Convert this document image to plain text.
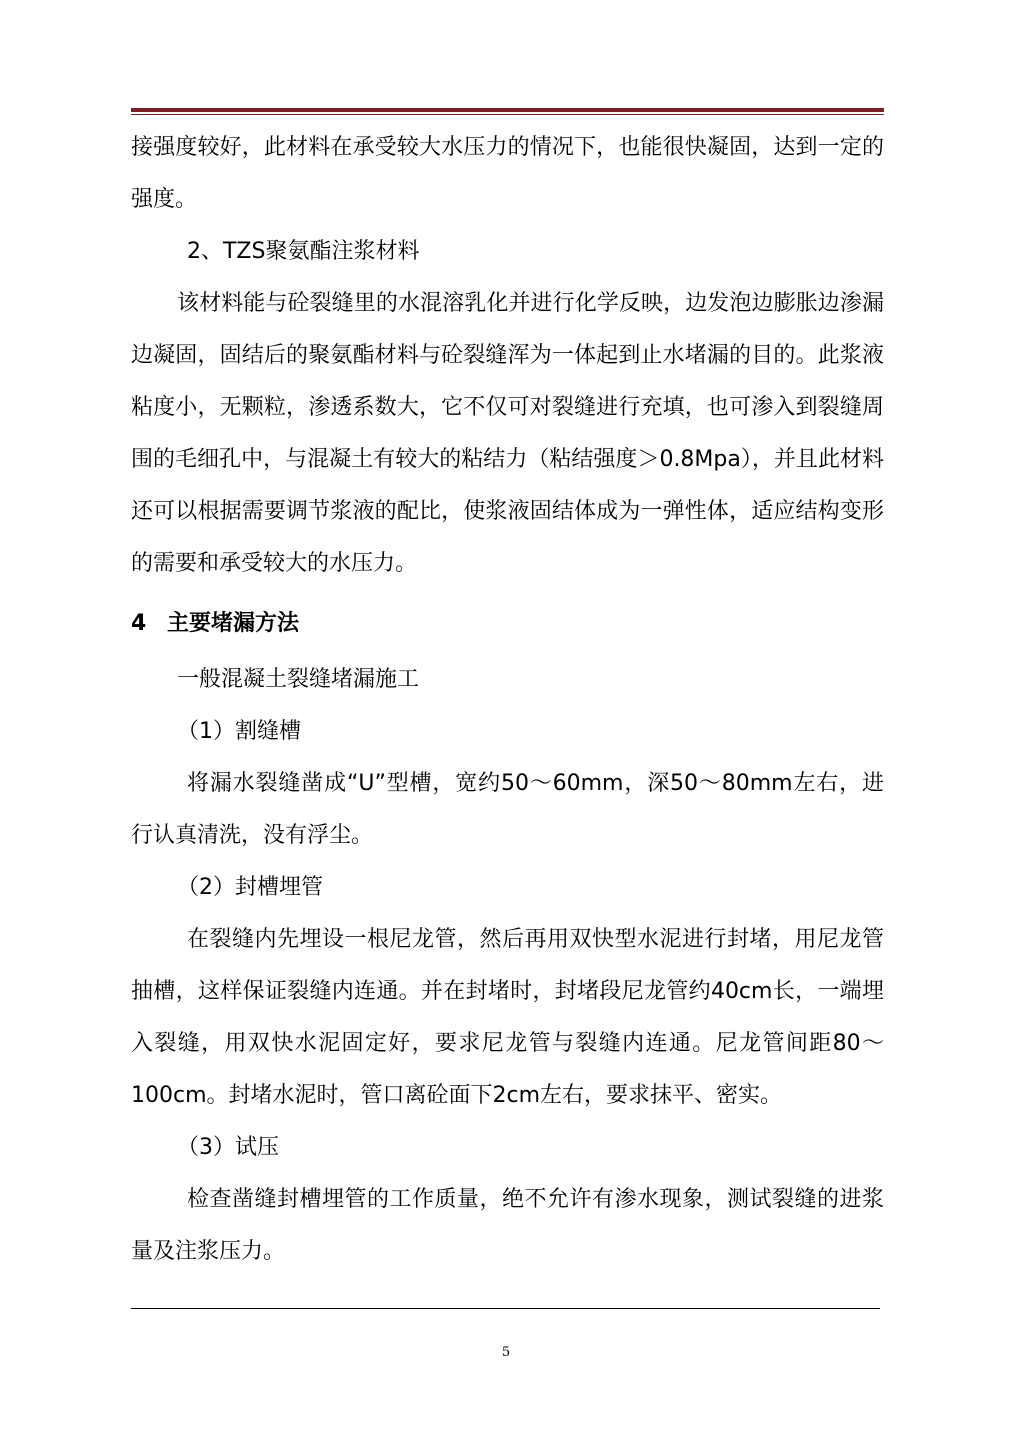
接强度较好，此材料在承受较大水压力的情况下，也能很快凝固，达到一定的强度。

2、TZS聚氨酯注浆材料

该材料能与砼裂缝里的水混溶乳化并进行化学反映，边发泡边膨胀边渗漏边凝固，固结后的聚氨酯材料与砼裂缝浑为一体起到止水堵漏的目的。此浆液粘度小，无颗粒，渗透系数大，它不仅可对裂缝进行充填，也可渗入到裂缝周围的毛细孔中，与混凝土有较大的粘结力（粘结强度＞0.8Mpa），并且此材料还可以根据需要调节浆液的配比，使浆液固结体成为一弹性体，适应结构变形的需要和承受较大的水压力。

4 主要堵漏方法

一般混凝土裂缝堵漏施工

（1）割缝槽

将漏水裂缝凿成“U”型槽，宽约50～60mm，深50～80mm左右，进行认真清洗，没有浮尘。

（2）封槽埋管

在裂缝内先埋设一根尼龙管，然后再用双快型水泥进行封堵，用尼龙管抽槽，这样保证裂缝内连通。并在封堵时，封堵段尼龙管约40cm长，一端埋入裂缝，用双快水泥固定好，要求尼龙管与裂缝内连通。尼龙管间距80～100cm。封堵水泥时，管口离砼面下2cm左右，要求抹平、密实。

（3）试压

检查凿缝封槽埋管的工作质量，绝不允许有渗水现象，测试裂缝的进浆量及注浆压力。

5
